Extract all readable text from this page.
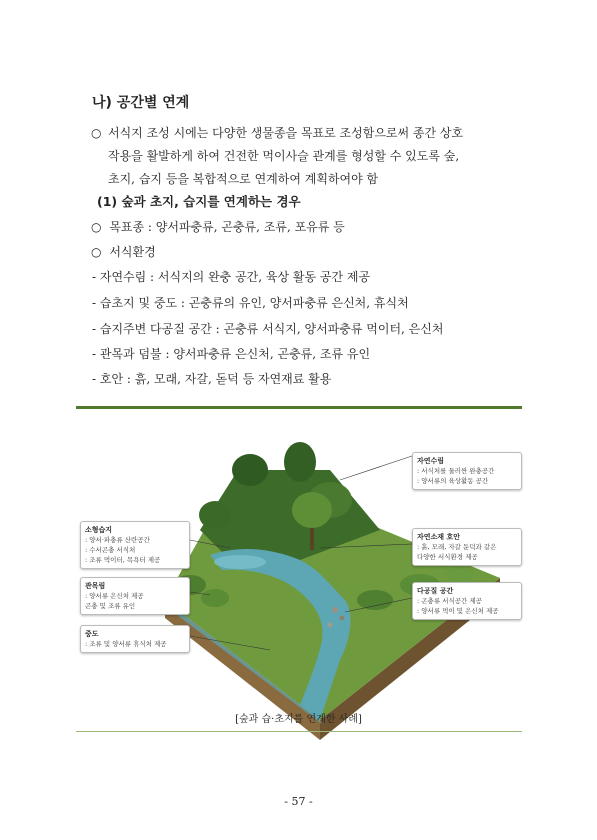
나) 공간별 연계
○ 서식지 조성 시에는 다양한 생물종을 목표로 조성함으로써 종간 상호
작용을 활발하게 하여 건전한 먹이사슬 관계를 형성할 수 있도록 숲,
초지, 습지 등을 복합적으로 연계하여 계획하여야 함
(1) 숲과 초지, 습지를 연계하는 경우
○ 목표종 : 양서파충류, 곤충류, 조류, 포유류 등
○ 서식환경
- 자연수림 : 서식지의 완충 공간, 육상 활동 공간 제공
- 습초지 및 중도 : 곤충류의 유인, 양서파충류 은신처, 휴식처
- 습지주변 다공질 공간 : 곤충류 서식지, 양서파충류 먹이터, 은신처
- 관목과 덤불 : 양서파충류 은신처, 곤충류, 조류 유인
- 호안 : 흙, 모래, 자갈, 돋덕 등 자연재료 활용
자연수림
: 서식처를 둘러싼 완충공간
: 양서류의 육상활동 공간
소형습지
: 양서·파충류 산란공간
: 수서곤충 서식처
: 조류 먹이터, 목욕터 제공
자연소재 호안
: 흙, 모래, 자갈 둔덕과 같은
다양한 서식환경 제공
관목림
: 양서류 은신처 제공
곤충 및 조류 유인
다공질 공간
: 곤충류 서식공간 제공
: 양서류 먹이 및 은신처 제공
중도
: 조류 및 양서류 휴식처 제공
[숲과 습·초지를 연계한 사례]
- 57 -
